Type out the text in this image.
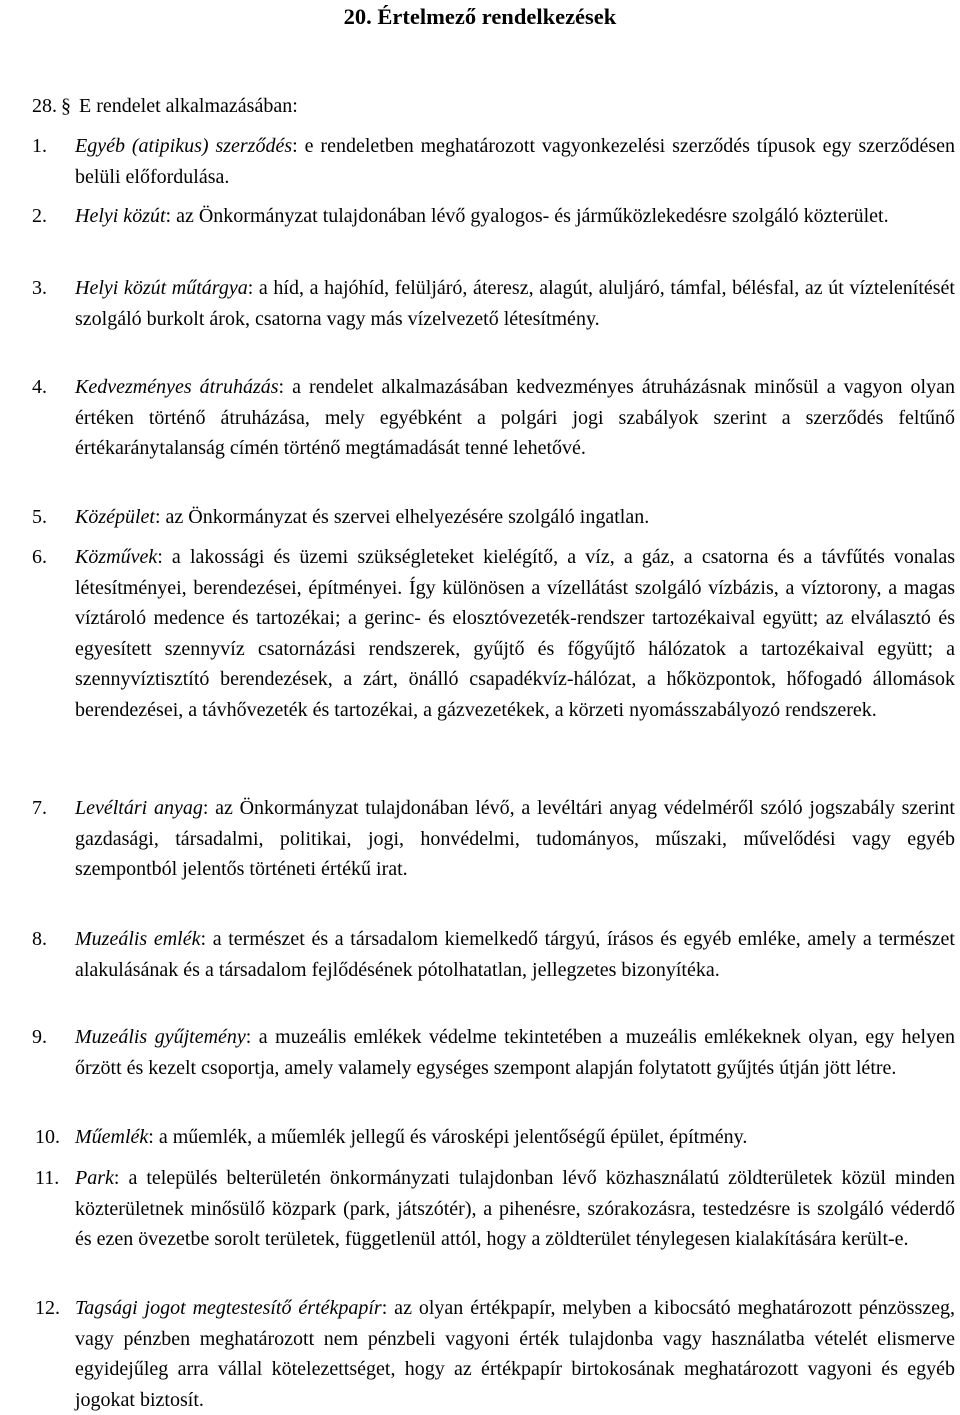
20. Értelmező rendelkezések

28. § E rendelet alkalmazásában:

1.	Egyéb (atipikus) szerződés: e rendeletben meghatározott vagyonkezelési szerződés típusok egy szerződésen belüli előfordulása.

2.	Helyi közút: az Önkormányzat tulajdonában lévő gyalogos- és járműközlekedésre szolgáló közterület.

3.	Helyi közút műtárgya: a híd, a hajóhíd, felüljáró, áteresz, alagút, aluljáró, támfal, bélésfal, az út víztelenítését szolgáló burkolt árok, csatorna vagy más vízelvezető létesítmény.

4.	Kedvezményes átruházás: a rendelet alkalmazásában kedvezményes átruházásnak minősül a vagyon olyan értéken történő átruházása, mely egyébként a polgári jogi szabályok szerint a szerződés feltűnő értékaránytalanság címén történő megtámadását tenné lehetővé.

5.	Középület: az Önkormányzat és szervei elhelyezésére szolgáló ingatlan.

6.	Közművek: a lakossági és üzemi szükségleteket kielégítő, a víz, a gáz, a csatorna és a távfűtés vonalas létesítményei, berendezései, építményei. Így különösen a vízellátást szolgáló vízbázis, a víztorony, a magas víztároló medence és tartozékai; a gerinc- és elosztóvezeték-rendszer tartozékaival együtt; az elválasztó és egyesített szennyvíz csatornázási rendszerek, gyűjtő és főgyűjtő hálózatok a tartozékaival együtt; a szennyvíztisztító berendezések, a zárt, önálló csapadékvíz-hálózat, a hőközpontok, hőfogadó állomások berendezései, a távhővezeték és tartozékai, a gázvezetékek, a körzeti nyomásszabályozó rendszerek.

7.	Levéltári anyag: az Önkormányzat tulajdonában lévő, a levéltári anyag védelméről szóló jogszabály szerint gazdasági, társadalmi, politikai, jogi, honvédelmi, tudományos, műszaki, művelődési vagy egyéb szempontból jelentős történeti értékű irat.

8.	Muzeális emlék: a természet és a társadalom kiemelkedő tárgyú, írásos és egyéb emléke, amely a természet alakulásának és a társadalom fejlődésének pótolhatatlan, jellegzetes bizonyítéka.

9.	Muzeális gyűjtemény: a muzeális emlékek védelme tekintetében a muzeális emlékeknek olyan, egy helyen őrzött és kezelt csoportja, amely valamely egységes szempont alapján folytatott gyűjtés útján jött létre.

10. Műemlék: a műemlék, a műemlék jellegű és városképi jelentőségű épület, építmény.

11. Park: a település belterületén önkormányzati tulajdonban lévő közhasználatú zöldterületek közül minden közterületnek minősülő közpark (park, játszótér), a pihenésre, szórakozásra, testedzésre is szolgáló véderdő és ezen övezetbe sorolt területek, függetlenül attól, hogy a zöldterület ténylegesen kialakítására került-e.

12. Tagsági jogot megtestesítő értékpapír: az olyan értékpapír, melyben a kibocsátó meghatározott pénzösszeg, vagy pénzben meghatározott nem pénzbeli vagyoni érték tulajdonba vagy használatba vételét elismerve egyidejűleg arra vállal kötelezettséget, hogy az értékpapír birtokosának meghatározott vagyoni és egyéb jogokat biztosít.
